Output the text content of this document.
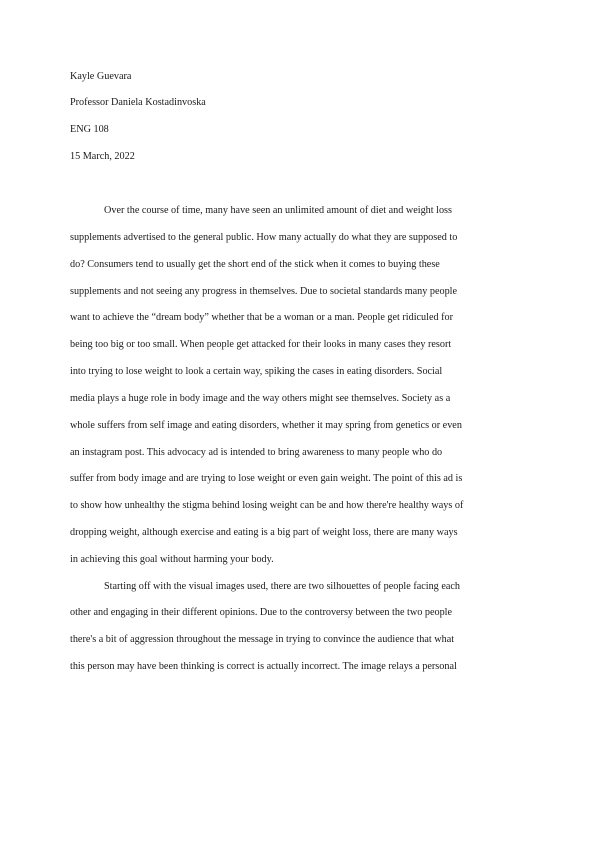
Kayle Guevara
Professor Daniela Kostadinvoska
ENG 108
15 March, 2022
Over the course of time, many have seen an unlimited amount of diet and weight loss
supplements advertised to the general public. How many actually do what they are supposed to
do? Consumers tend to usually get the short end of the stick when it comes to buying these
supplements and not seeing any progress in themselves. Due to societal standards many people
want to achieve the “dream body” whether that be a woman or a man. People get ridiculed for
being too big or too small. When people get attacked for their looks in many cases they resort
into trying to lose weight to look a certain way, spiking the cases in eating disorders. Social
media plays a huge role in body image and the way others might see themselves. Society as a
whole suffers from self image and eating disorders, whether it may spring from genetics or even
an instagram post. This advocacy ad is intended to bring awareness to many people who do
suffer from body image and are trying to lose weight or even gain weight. The point of this ad is
to show how unhealthy the stigma behind losing weight can be and how there're healthy ways of
dropping weight, although exercise and eating is a big part of weight loss, there are many ways
in achieving this goal without harming your body.
Starting off with the visual images used, there are two silhouettes of people facing each
other and engaging in their different opinions. Due to the controversy between the two people
there's a bit of aggression throughout the message in trying to convince the audience that what
this person may have been thinking is correct is actually incorrect. The image relays a personal
